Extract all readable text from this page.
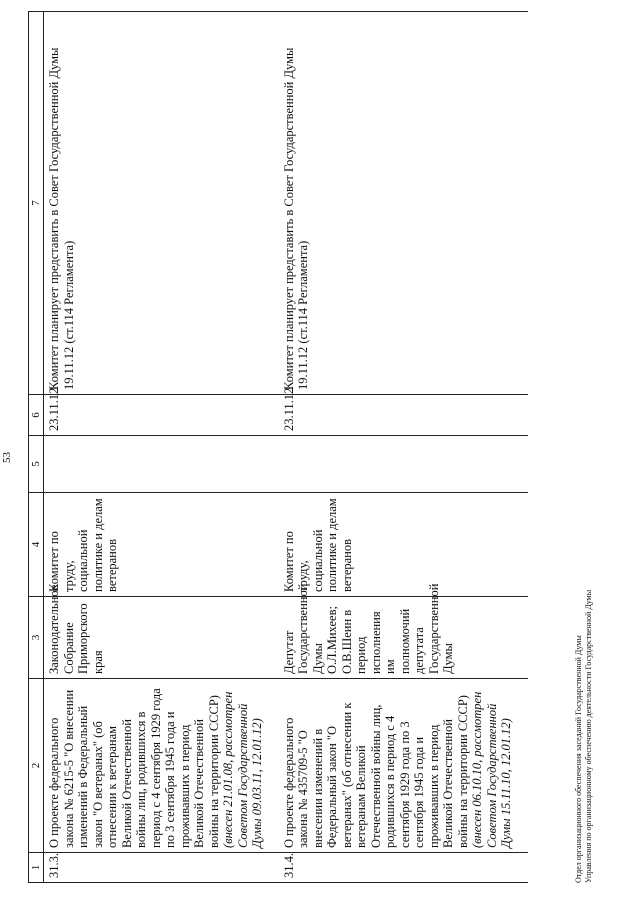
53
1	2	3	4	5	6	7
31.3.	О проекте федерального закона № 6215-5 "О внесении изменений в Федеральный закон "О ветеранах" (об отнесении к ветеранам Великой Отечественной войны лиц, родившихся в период с 4 сентября 1929 года по 3 сентября 1945 года и проживавших в период Великой Отечественной войны на территории СССР) (внесен 21.01.08, рассмотрен Советом Государственной Думы 09.03.11, 12.01.12)	Законодательное Собрание Приморского края	Комитет по труду, социальной политике и делам ветеранов		23.11.12	Комитет планирует представить в Совет Государственной Думы 19.11.12 (ст.114 Регламента)
31.4.	О проекте федерального закона № 435709-5 "О внесении изменений в Федеральный закон "О ветеранах" (об отнесении к ветеранам Великой Отечественной войны лиц, родившихся в период с 4 сентября 1929 года по 3 сентября 1945 года и проживавших в период Великой Отечественной войны на территории СССР) (внесен 06.10.10, рассмотрен Советом Государственной Думы 15.11.10, 12.01.12)	Депутат Государственной Думы О.Л.Михеев; О.В.Шеин в период исполнения им полномочий депутата Государственной Думы	Комитет по труду, социальной политике и делам ветеранов		23.11.12	Комитет планирует представить в Совет Государственной Думы 19.11.12 (ст.114 Регламента)
Отдел организационного обеспечения заседаний Государственной Думы Управления по организационному обеспечению деятельности Государственной Думы
